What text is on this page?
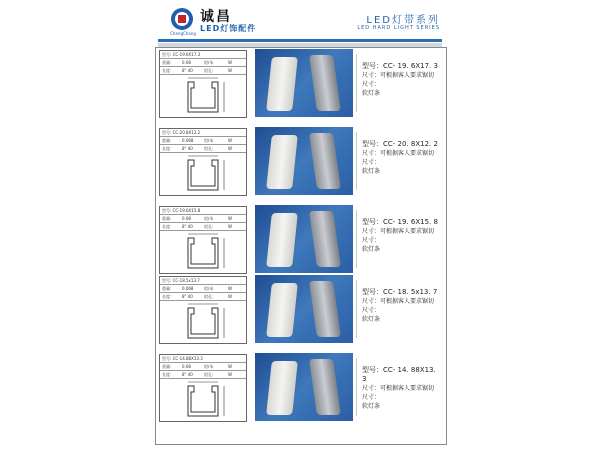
ChengChang
诚昌
LED灯饰配件
LED灯带系列
LED HARD LIGHT SERIES
型号: CC-19.6X17.3
重量:	0.08	铝/米	W
长度:	8" 40	铝孔:	W
型号：CC- 19. 6X17. 3
尺寸：可根据客人要求锯切
尺寸：
软灯条
型号: CC-20.8X12.2
重量:	0.068	铝/米	W
长度:	8" 40	铝孔:	W
型号：CC- 20. 8X12. 2
尺寸：可根据客人要求锯切
尺寸：
软灯条
型号: CC-19.6X15.8
重量:	0.08	铝/米	W
长度:	8" 40	铝孔:	W
型号：CC- 19. 6X15. 8
尺寸：可根据客人要求锯切
尺寸：
软灯条
型号: CC-18.5x13.7
重量:	0.068	铝/米	W
长度:	8" 40	铝孔:	W
型号：CC- 18. 5x13. 7
尺寸：可根据客人要求锯切
尺寸：
软灯条
型号: CC-14.88X13.3
重量:	0.08	铝/米	W
长度:	8" 40	铝孔:	W
型号：CC- 14. 88X13. 3
尺寸：可根据客人要求锯切
尺寸：
软灯条
